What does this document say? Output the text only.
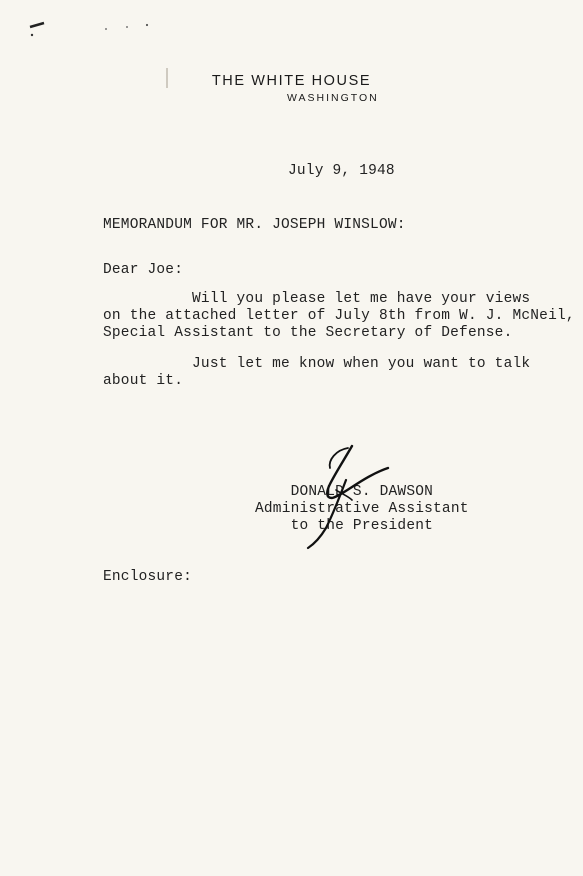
THE WHITE HOUSE
WASHINGTON
July 9, 1948
MEMORANDUM FOR MR. JOSEPH WINSLOW:
Dear Joe:
Will you please let me have your views
on the attached letter of July 8th from W. J. McNeil,
Special Assistant to the Secretary of Defense.
Just let me know when you want to talk
about it.
DONALD S. DAWSON
Administrative Assistant
to the President
Enclosure:
